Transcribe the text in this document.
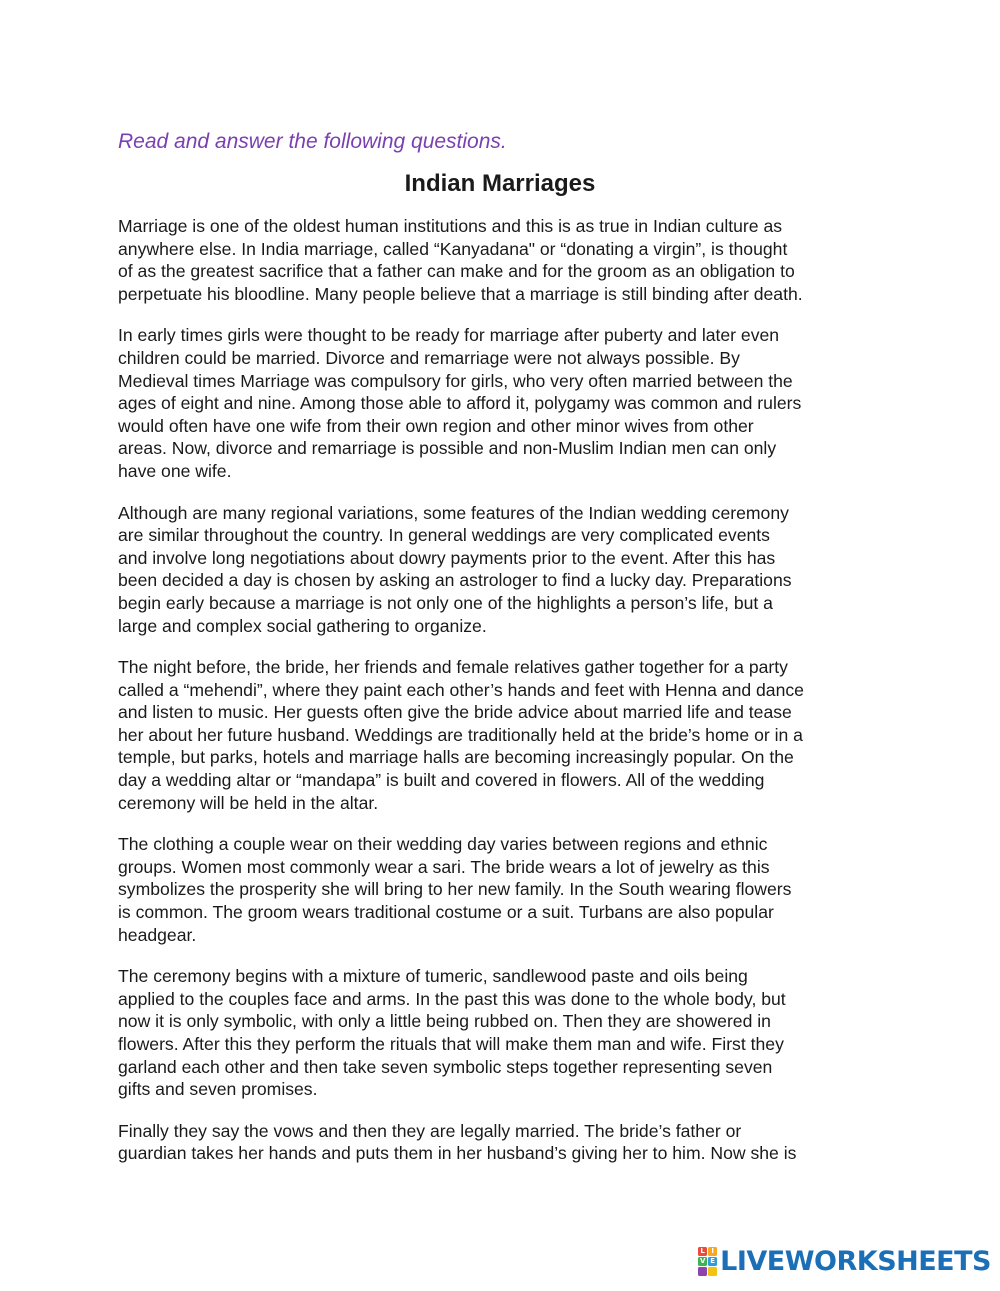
Read and answer the following questions.
Indian Marriages

Marriage is one of the oldest human institutions and this is as true in Indian culture as
anywhere else. In India marriage, called “Kanyadana" or “donating a virgin”, is thought
of as the greatest sacrifice that a father can make and for the groom as an obligation to
perpetuate his bloodline. Many people believe that a marriage is still binding after death.

In early times girls were thought to be ready for marriage after puberty and later even
children could be married. Divorce and remarriage were not always possible. By
Medieval times Marriage was compulsory for girls, who very often married between the
ages of eight and nine. Among those able to afford it, polygamy was common and rulers
would often have one wife from their own region and other minor wives from other
areas. Now, divorce and remarriage is possible and non-Muslim Indian men can only
have one wife.

Although are many regional variations, some features of the Indian wedding ceremony
are similar throughout the country. In general weddings are very complicated events
and involve long negotiations about dowry payments prior to the event. After this has
been decided a day is chosen by asking an astrologer to find a lucky day. Preparations
begin early because a marriage is not only one of the highlights a person’s life, but a
large and complex social gathering to organize.

The night before, the bride, her friends and female relatives gather together for a party
called a “mehendi”, where they paint each other’s hands and feet with Henna and dance
and listen to music. Her guests often give the bride advice about married life and tease
her about her future husband. Weddings are traditionally held at the bride’s home or in a
temple, but parks, hotels and marriage halls are becoming increasingly popular. On the
day a wedding altar or “mandapa” is built and covered in flowers. All of the wedding
ceremony will be held in the altar.

The clothing a couple wear on their wedding day varies between regions and ethnic
groups. Women most commonly wear a sari. The bride wears a lot of jewelry as this
symbolizes the prosperity she will bring to her new family. In the South wearing flowers
is common. The groom wears traditional costume or a suit. Turbans are also popular
headgear.

The ceremony begins with a mixture of tumeric, sandlewood paste and oils being
applied to the couples face and arms. In the past this was done to the whole body, but
now it is only symbolic, with only a little being rubbed on. Then they are showered in
flowers. After this they perform the rituals that will make them man and wife. First they
garland each other and then take seven symbolic steps together representing seven
gifts and seven promises.

Finally they say the vows and then they are legally married. The bride’s father or
guardian takes her hands and puts them in her husband’s giving her to him. Now she is

L I
V E LIVEWORKSHEETS
